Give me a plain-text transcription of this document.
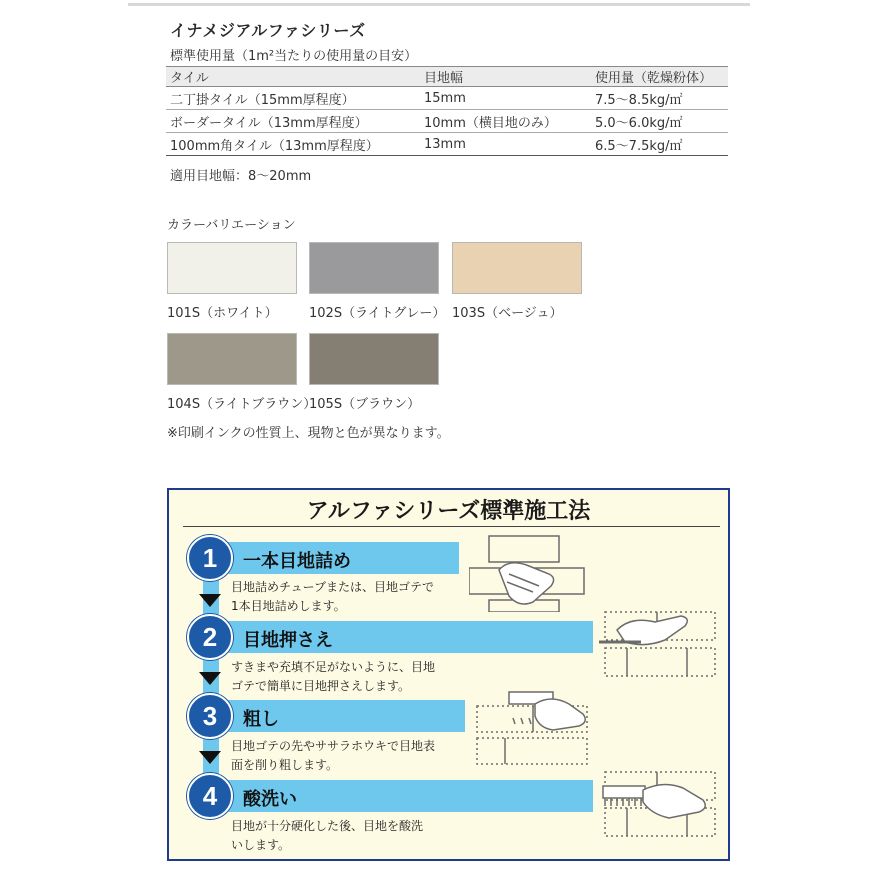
イナメジアルファシリーズ
標準使用量（1m²当たりの使用量の目安）
タイル	目地幅	使用量（乾燥粉体）
二丁掛タイル（15mm厚程度）	15mm	7.5～8.5kg/㎡
ボーダータイル（13mm厚程度）	10mm（横目地のみ）	5.0～6.0kg/㎡
100mm角タイル（13mm厚程度）	13mm	6.5～7.5kg/㎡
適用目地幅：8～20mm
カラーバリエーション
101S（ホワイト） 102S（ライトグレー） 103S（ベージュ）
104S（ライトブラウン）
105S（ブラウン）
※印刷インクの性質上、現物と色が異なります。
アルファシリーズ標準施工法
1	一本目地詰め
目地詰めチューブまたは、目地ゴテで
1本目地詰めします。
2	目地押さえ
すきまや充填不足がないように、目地
ゴテで簡単に目地押さえします。
3	粗し
目地ゴテの先やササラホウキで目地表
面を削り粗します。
4	酸洗い
目地が十分硬化した後、目地を酸洗
いします。
